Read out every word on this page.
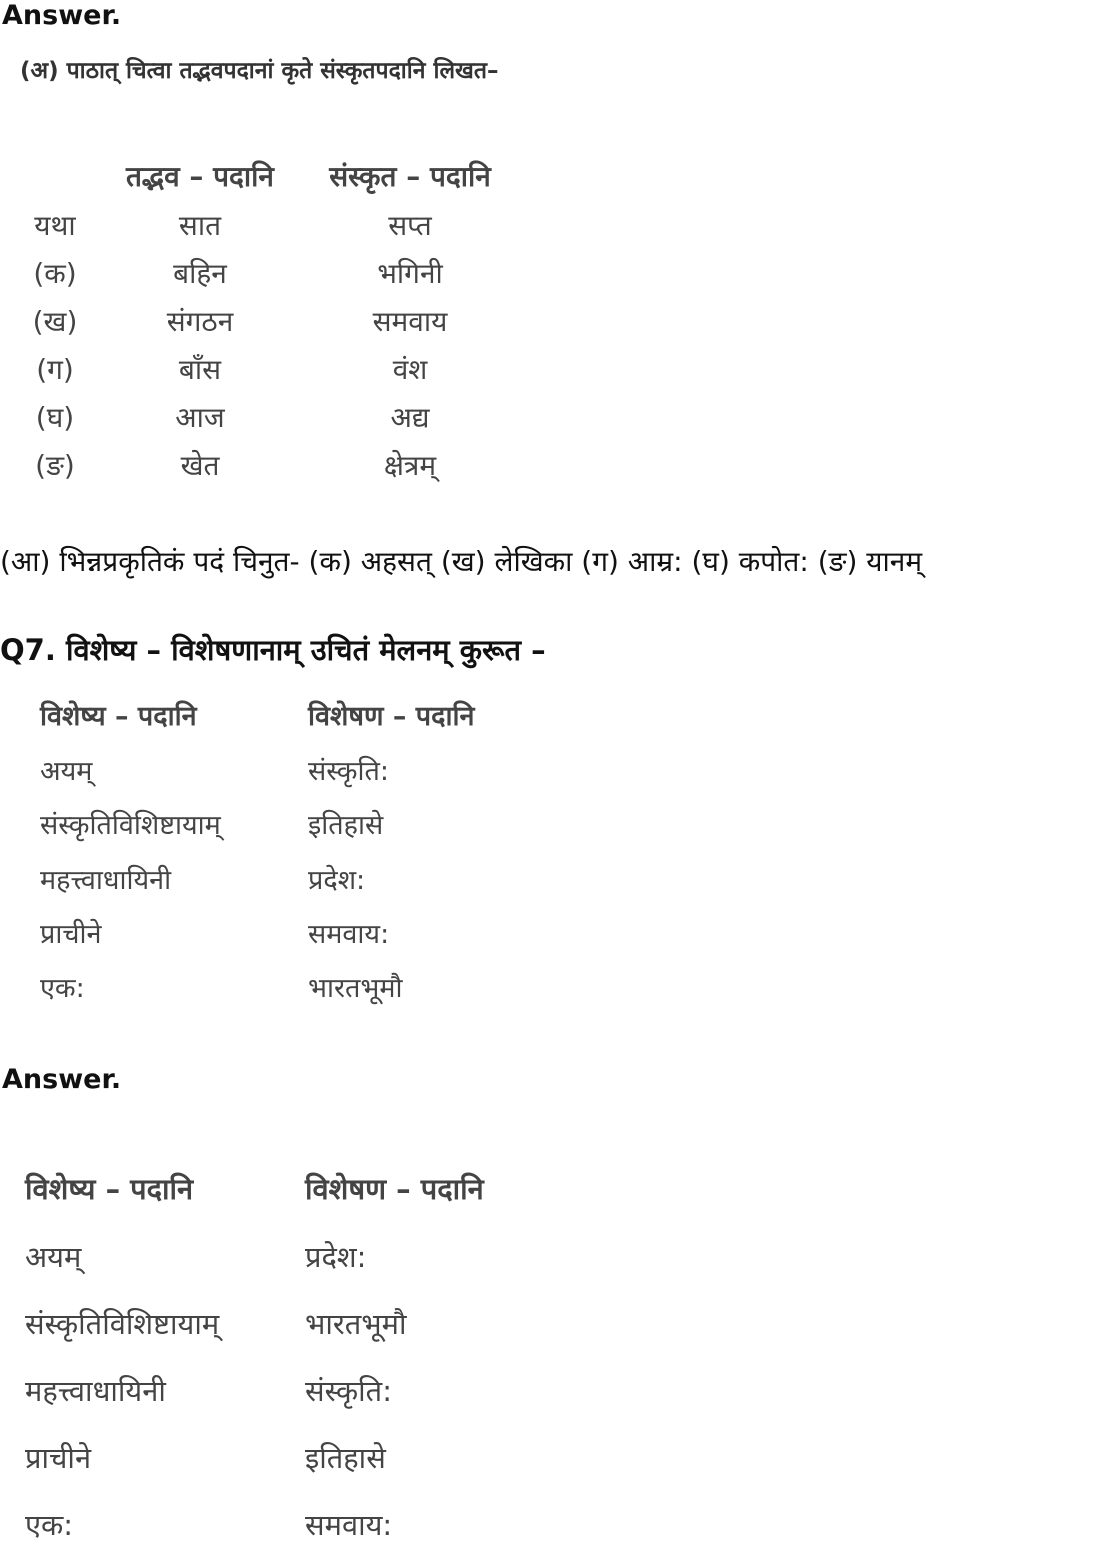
Answer.
(अ) पाठात् चित्वा तद्भवपदानां कृते संस्कृतपदानि लिखत–
तद्भव – पदानि संस्कृत – पदानि
यथा	सात	सप्त
(क)	बहिन	भगिनी
(ख)	संगठन	समवाय
(ग)	बाँस	वंश
(घ)	आज	अद्य
(ङ)	खेत	क्षेत्रम्
(आ) भिन्नप्रकृतिकं पदं चिनुत- (क) अहसत् (ख) लेखिका (ग) आम्र: (घ) कपोत: (ङ) यानम्
Q7. विशेष्य – विशेषणानाम् उचितं मेलनम् कुरूत –
विशेष्य – पदानि	विशेषण – पदानि
अयम्	संस्कृति:
संस्कृतिविशिष्टायाम्	इतिहासे
महत्त्वाधायिनी	प्रदेश:
प्राचीने	समवाय:
एक:	भारतभूमौ
Answer.
विशेष्य – पदानि	विशेषण – पदानि
अयम्	प्रदेश:
संस्कृतिविशिष्टायाम्	भारतभूमौ
महत्त्वाधायिनी	संस्कृति:
प्राचीने	इतिहासे
एक:	समवाय:
